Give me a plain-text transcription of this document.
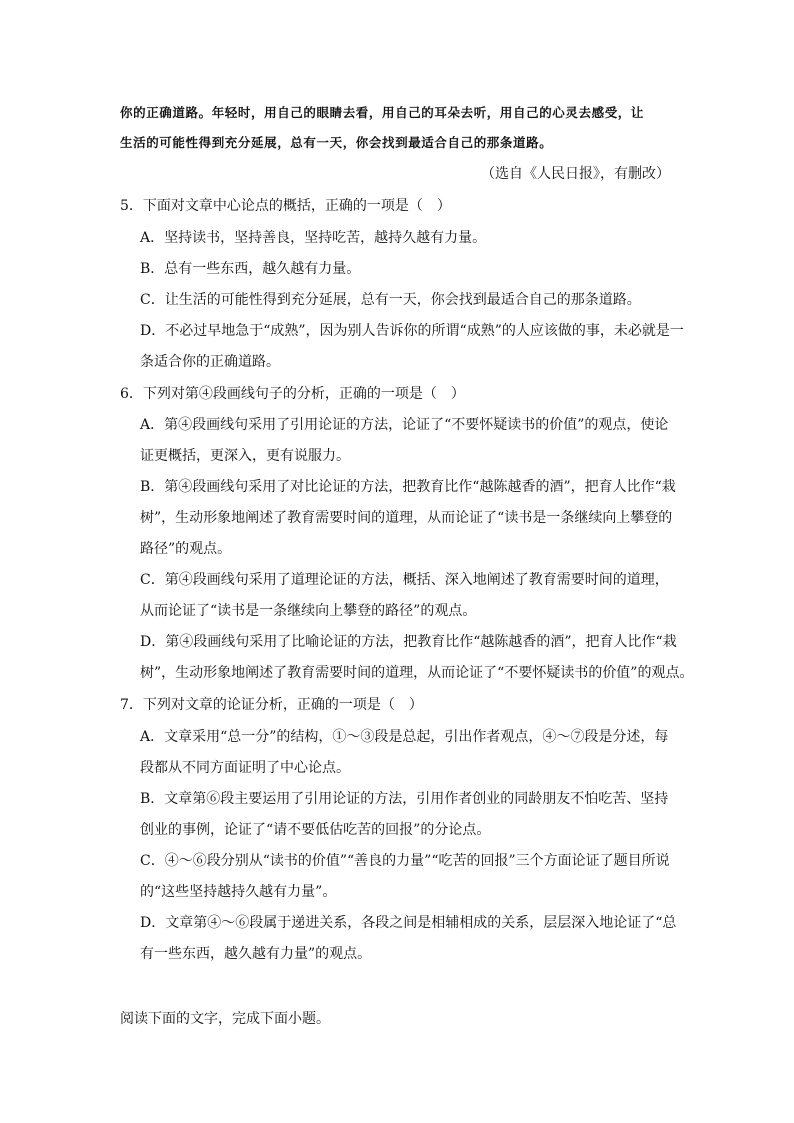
你的正确道路。年轻时，用自己的眼睛去看，用自己的耳朵去听，用自己的心灵去感受，让
生活的可能性得到充分延展，总有一天，你会找到最适合自己的那条道路。
（选自《人民日报》，有删改）
5．下面对文章中心论点的概括，正确的一项是（　）
A．坚持读书，坚持善良，坚持吃苦，越持久越有力量。
B．总有一些东西，越久越有力量。
C．让生活的可能性得到充分延展，总有一天，你会找到最适合自己的那条道路。
D．不必过早地急于“成熟”，因为别人告诉你的所谓“成熟”的人应该做的事，未必就是一
条适合你的正确道路。
6．下列对第④段画线句子的分析，正确的一项是（　）
A．第④段画线句采用了引用论证的方法，论证了“不要怀疑读书的价值”的观点，使论
证更概括，更深入，更有说服力。
B．第④段画线句采用了对比论证的方法，把教育比作“越陈越香的酒”，把育人比作“栽
树”，生动形象地阐述了教育需要时间的道理，从而论证了“读书是一条继续向上攀登的
路径”的观点。
C．第④段画线句采用了道理论证的方法，概括、深入地阐述了教育需要时间的道理，
从而论证了“读书是一条继续向上攀登的路径”的观点。
D．第④段画线句采用了比喻论证的方法，把教育比作“越陈越香的酒”，把育人比作“栽
树”，生动形象地阐述了教育需要时间的道理，从而论证了“不要怀疑读书的价值”的观点。
7．下列对文章的论证分析，正确的一项是（　）
A．文章采用“总一分”的结构，①～③段是总起，引出作者观点，④～⑦段是分述，每
段都从不同方面证明了中心论点。
B．文章第⑥段主要运用了引用论证的方法，引用作者创业的同龄朋友不怕吃苦、坚持
创业的事例，论证了“请不要低估吃苦的回报”的分论点。
C．④～⑥段分别从“读书的价值”“善良的力量”“吃苦的回报”三个方面论证了题目所说
的“这些坚持越持久越有力量”。
D．文章第④～⑥段属于递进关系，各段之间是相辅相成的关系，层层深入地论证了“总
有一些东西，越久越有力量”的观点。
阅读下面的文字，完成下面小题。
